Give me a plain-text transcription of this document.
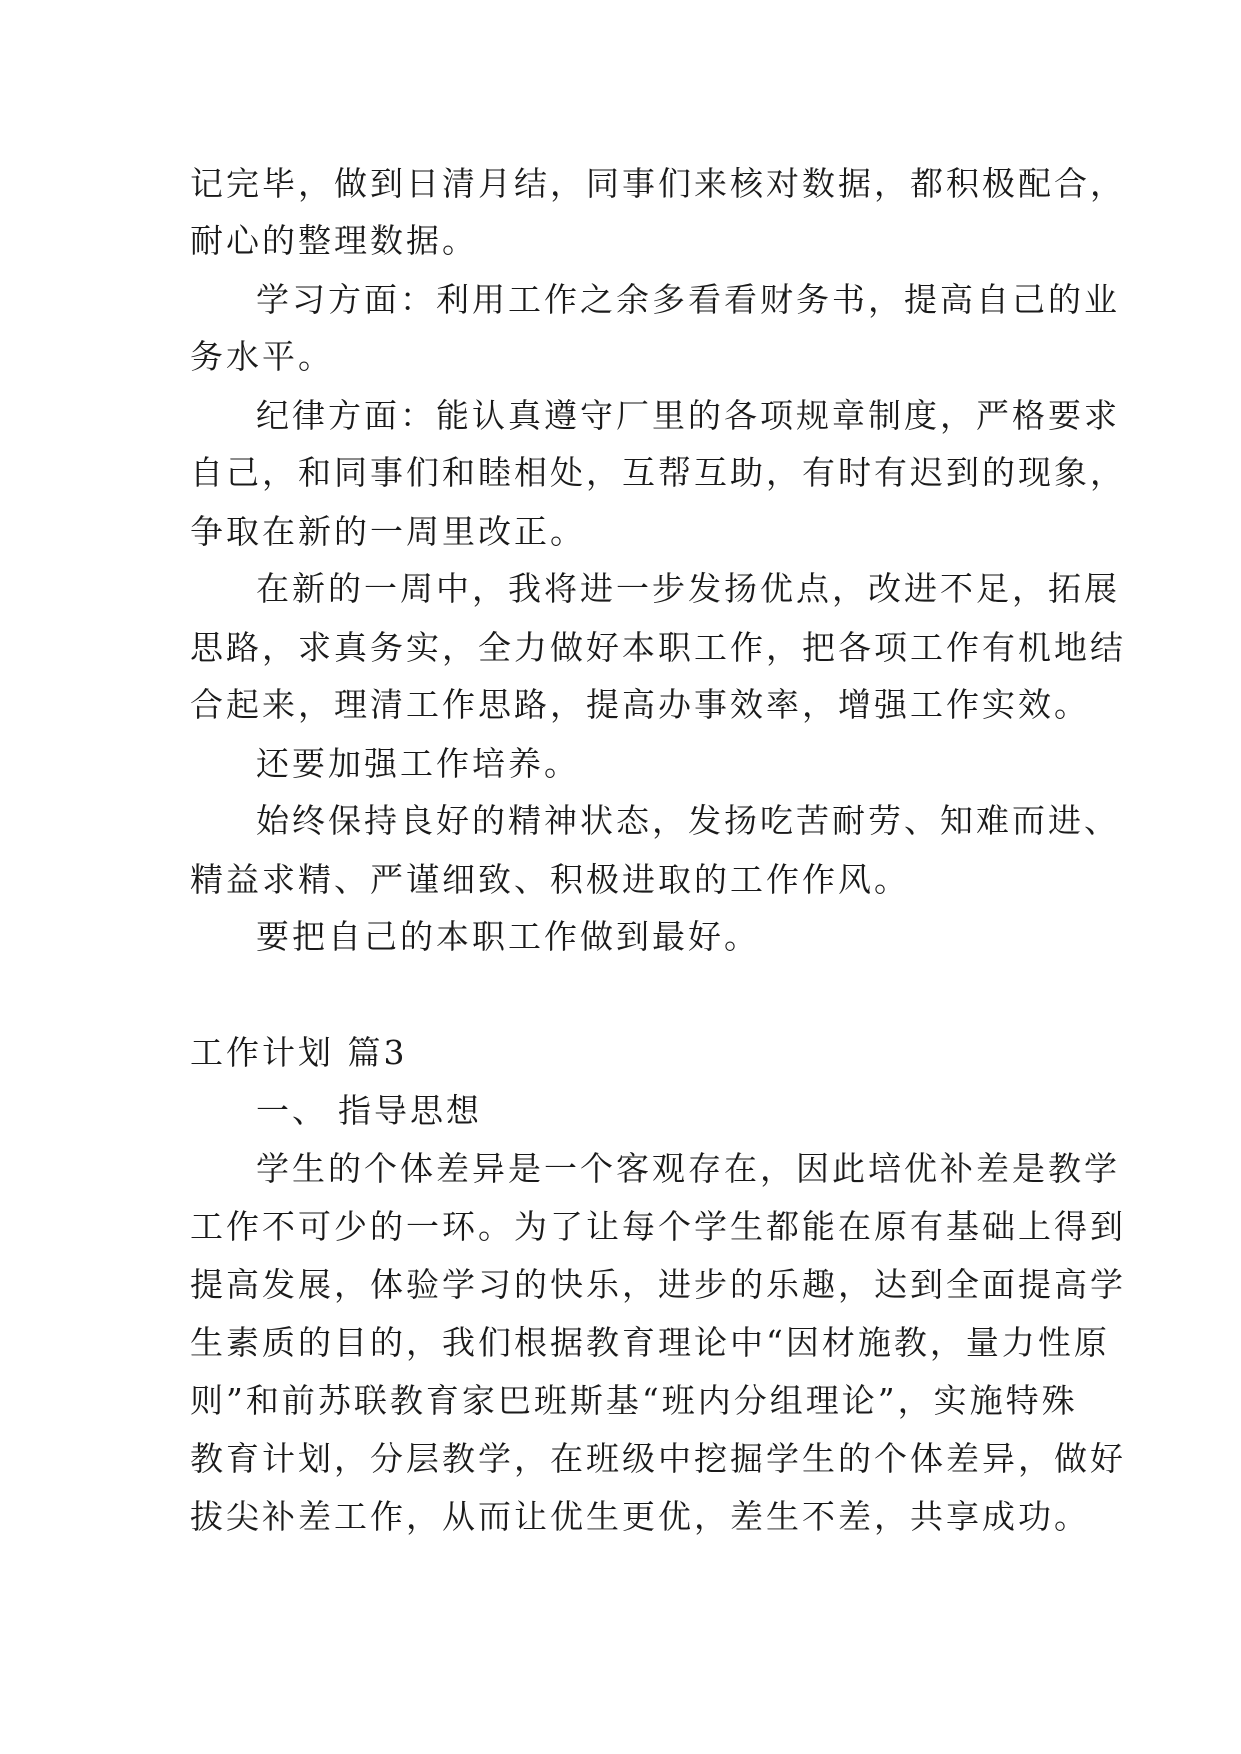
记完毕，做到日清月结，同事们来核对数据，都积极配合，
耐心的整理数据。
学习方面：利用工作之余多看看财务书，提高自己的业
务水平。
纪律方面：能认真遵守厂里的各项规章制度，严格要求
自己，和同事们和睦相处，互帮互助，有时有迟到的现象，
争取在新的一周里改正。
在新的一周中，我将进一步发扬优点，改进不足，拓展
思路，求真务实，全力做好本职工作，把各项工作有机地结
合起来，理清工作思路，提高办事效率，增强工作实效。
还要加强工作培养。
始终保持良好的精神状态，发扬吃苦耐劳、知难而进、
精益求精、严谨细致、积极进取的工作作风。
要把自己的本职工作做到最好。
工作计划 篇3
一、 指导思想
学生的个体差异是一个客观存在，因此培优补差是教学
工作不可少的一环。为了让每个学生都能在原有基础上得到
提高发展，体验学习的快乐，进步的乐趣，达到全面提高学
生素质的目的，我们根据教育理论中“因材施教，量力性原
则”和前苏联教育家巴班斯基“班内分组理论”，实施特殊
教育计划，分层教学，在班级中挖掘学生的个体差异，做好
拔尖补差工作，从而让优生更优，差生不差，共享成功。
